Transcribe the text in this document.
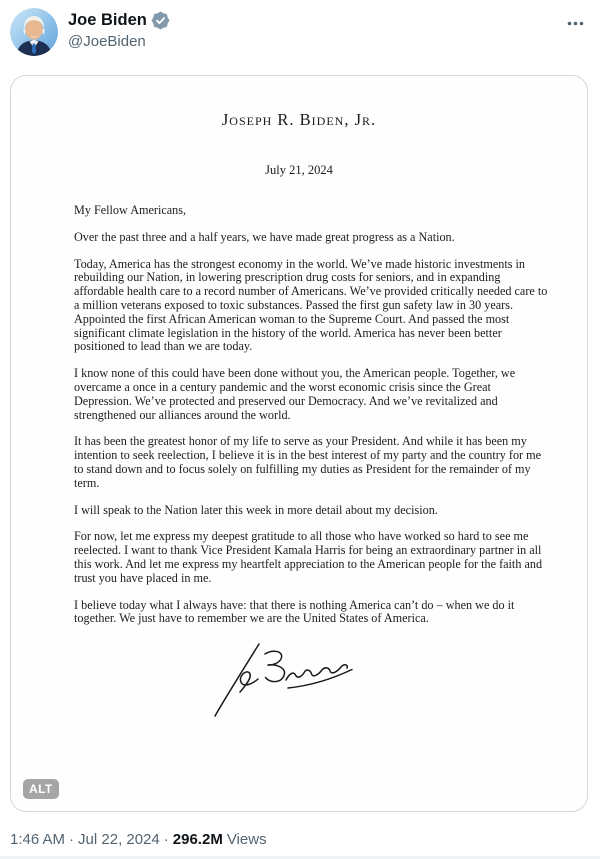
Joe Biden
@JoeBiden
Joseph R. Biden, Jr.
July 21, 2024

My Fellow Americans,

Over the past three and a half years, we have made great progress as a Nation.

Today, America has the strongest economy in the world. We’ve made historic investments in rebuilding our Nation, in lowering prescription drug costs for seniors, and in expanding affordable health care to a record number of Americans. We’ve provided critically needed care to a million veterans exposed to toxic substances. Passed the first gun safety law in 30 years. Appointed the first African American woman to the Supreme Court. And passed the most significant climate legislation in the history of the world. America has never been better positioned to lead than we are today.

I know none of this could have been done without you, the American people. Together, we overcame a once in a century pandemic and the worst economic crisis since the Great Depression. We’ve protected and preserved our Democracy. And we’ve revitalized and strengthened our alliances around the world.

It has been the greatest honor of my life to serve as your President. And while it has been my intention to seek reelection, I believe it is in the best interest of my party and the country for me to stand down and to focus solely on fulfilling my duties as President for the remainder of my term.

I will speak to the Nation later this week in more detail about my decision.

For now, let me express my deepest gratitude to all those who have worked so hard to see me reelected. I want to thank Vice President Kamala Harris for being an extraordinary partner in all this work. And let me express my heartfelt appreciation to the American people for the faith and trust you have placed in me.

I believe today what I always have: that there is nothing America can’t do – when we do it together. We just have to remember we are the United States of America.

ALT
1:46 AM · Jul 22, 2024 · 296.2M Views
